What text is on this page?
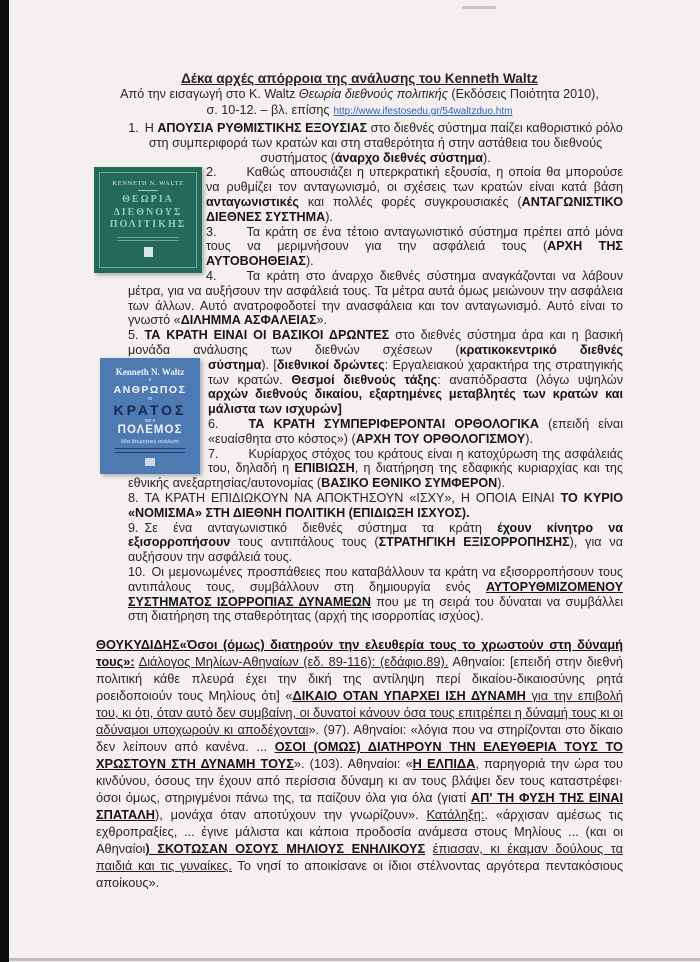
Δέκα αρχές απόρροια της ανάλυσης του Kenneth Waltz
Από την εισαγωγή στο Κ. Waltz Θεωρία διεθνούς πολιτικής (Εκδόσεις Ποιότητα 2010),
σ. 10-12. – βλ. επίσης http://www.ifestosedu.gr/54waltzduo.htm
1. Η ΑΠΟΥΣΙΑ ΡΥΘΜΙΣΤΙΚΗΣ ΕΞΟΥΣΙΑΣ στο διεθνές σύστημα παίζει καθοριστικό ρόλο στη συμπεριφορά των κρατών και στη σταθερότητα ή στην αστάθεια του διεθνούς συστήματος (άναρχο διεθνές σύστημα).
KENNETH N. WALTZ
ΘΕΩΡΙΑ
ΔΙΕΘΝΟΥΣ
ΠΟΛΙΤΙΚΗΣ
2. Καθώς απουσιάζει η υπερκρατική εξουσία, η οποία θα μπορούσε να ρυθμίζει τον ανταγωνισμό, οι σχέσεις των κρατών είναι κατά βάση ανταγωνιστικές και πολλές φορές συγκρουσιακές (ΑΝΤΑΓΩΝΙΣΤΙΚΟ ΔΙΕΘΝΕΣ ΣΥΣΤΗΜΑ).
3. Τα κράτη σε ένα τέτοιο ανταγωνιστικό σύστημα πρέπει από μόνα τους να μεριμνήσουν για την ασφάλειά τους (ΑΡΧΗ ΤΗΣ ΑΥΤΟΒΟΗΘΕΙΑΣ).
4. Τα κράτη στο άναρχο διεθνές σύστημα αναγκάζονται να λάβουν μέτρα, για να αυξήσουν την ασφάλειά τους. Τα μέτρα αυτά όμως μειώνουν την ασφάλεια των άλλων. Αυτό ανατροφοδοτεί την ανασφάλεια και τον ανταγωνισμό. Αυτό είναι το γνωστό «ΔΙΛΗΜΜΑ ΑΣΦΑΛΕΙΑΣ».
5. ΤΑ ΚΡΑΤΗ ΕΙΝΑΙ ΟΙ ΒΑΣΙΚΟΙ ΔΡΩΝΤΕΣ στο διεθνές σύστημα άρα και η βασική μονάδα ανάλυσης των διεθνών σχέσεων (κρατικοκεντρικό διεθνές
Kenneth N. Waltz
ο
ΑΝΘΡΩΠΟΣ
το
ΚΡΑΤΟΣ
και ο
ΠΟΛΕΜΟΣ
Μια θεωρητική ανάλυση
σύστημα). [διεθνικοί δρώντες: Εργαλειακού χαρακτήρα της στρατηγικής των κρατών. Θεσμοί διεθνούς τάξης: αναπόδραστα (λόγω υψηλών αρχών διεθνούς δικαίου, εξαρτημένες μεταβλητές των κρατών και μάλιστα των ισχυρών]
6. ΤΑ ΚΡΑΤΗ ΣΥΜΠΕΡΙΦΕΡΟΝΤΑΙ ΟΡΘΟΛΟΓΙΚΑ (επειδή είναι «ευαίσθητα στο κόστος») (ΑΡΧΗ ΤΟΥ ΟΡΘΟΛΟΓΙΣΜΟΥ).
7. Κυρίαρχος στόχος του κράτους είναι η κατοχύρωση της ασφάλειάς του, δηλαδή η ΕΠΙΒΙΩΣΗ, η διατήρηση της εδαφικής κυριαρχίας και της εθνικής ανεξαρτησίας/αυτονομίας (ΒΑΣΙΚΟ ΕΘΝΙΚΟ ΣΥΜΦΕΡΟΝ).
8. ΤΑ ΚΡΑΤΗ ΕΠΙΔΙΩΚΟΥΝ ΝΑ ΑΠΟΚΤΗΣΟΥΝ «ΙΣΧΥ», Η ΟΠΟΙΑ ΕΙΝΑΙ ΤΟ ΚΥΡΙΟ «ΝΟΜΙΣΜΑ» ΣΤΗ ΔΙΕΘΝΗ ΠΟΛΙΤΙΚΗ (ΕΠΙΔΙΩΞΗ ΙΣΧΥΟΣ).
9. Σε ένα ανταγωνιστικό διεθνές σύστημα τα κράτη έχουν κίνητρο να εξισορροπήσουν τους αντιπάλους τους (ΣΤΡΑΤΗΓΙΚΗ ΕΞΙΣΟΡΡΟΠΗΣΗΣ), για να αυξήσουν την ασφάλειά τους.
10. Οι μεμονωμένες προσπάθειες που καταβάλλουν τα κράτη να εξισορροπήσουν τους αντιπάλους τους, συμβάλλουν στη δημιουργία ενός ΑΥΤΟΡΥΘΜΙΖΟΜΕΝΟΥ ΣΥΣΤΗΜΑΤΟΣ ΙΣΟΡΡΟΠΙΑΣ ΔΥΝΑΜΕΩΝ που με τη σειρά του δύναται να συμβάλλει στη διατήρηση της σταθερότητας (αρχή της ισορροπίας ισχύος).
ΘΟΥΚΥΔΙΔΗΣ«Όσοι (όμως) διατηρούν την ελευθερία τους το χρωστούν στη δύναμή τους»: Διάλογος Μηλίων-Αθηναίων (εδ. 89-116): (εδάφιο.89). Αθηναίοι: [επειδή στην διεθνή πολιτική κάθε πλευρά έχει την δική της αντίληψη περί δικαίου-δικαιοσύνης ρητά ροειδοποιούν τους Μηλίους ότι] «ΔΙΚΑΙΟ ΟΤΑΝ ΥΠΑΡΧΕΙ ΙΣΗ ΔΥΝΑΜΗ για την επιβολή του, κι ότι, όταν αυτό δεν συμβαίνη, οι δυνατοί κάνουν όσα τους επιτρέπει η δύναμή τους κι οι αδύναμοι υποχωρούν κι αποδέχονται». (97). Αθηναίοι: «λόγια που να στηρίζονται στο δίκαιο δεν λείπουν από κανένα. ... ΟΣΟΙ (ΟΜΩΣ) ΔΙΑΤΗΡΟΥΝ ΤΗΝ ΕΛΕΥΘΕΡΙΑ ΤΟΥΣ ΤΟ ΧΡΩΣΤΟΥΝ ΣΤΗ ΔΥΝΑΜΗ ΤΟΥΣ». (103). Αθηναίοι: «Η ΕΛΠΙΔΑ, παρηγοριά την ώρα του κινδύνου, όσους την έχουν από περίσσια δύναμη κι αν τους βλάψει δεν τους καταστρέφει· όσοι όμως, στηριγμένοι πάνω της, τα παίζουν όλα για όλα (γιατί ΑΠ' ΤΗ ΦΥΣΗ ΤΗΣ ΕΙΝΑΙ ΣΠΑΤΑΛΗ), μονάχα όταν αποτύχουν την γνωρίζουν». Κατάληξη:. «άρχισαν αμέσως τις εχθροπραξίες, ... έγινε μάλιστα και κάποια προδοσία ανάμεσα στους Μηλίους ... (και οι Αθηναίοι) ΣΚΟΤΩΣΑΝ ΟΣΟΥΣ ΜΗΛΙΟΥΣ ΕΝΗΛΙΚΟΥΣ έπιασαν, κι έκαμαν δούλους τα παιδιά και τις γυναίκες. Το νησί το αποικίσανε οι ίδιοι στέλνοντας αργότερα πεντακόσιους αποίκους».
